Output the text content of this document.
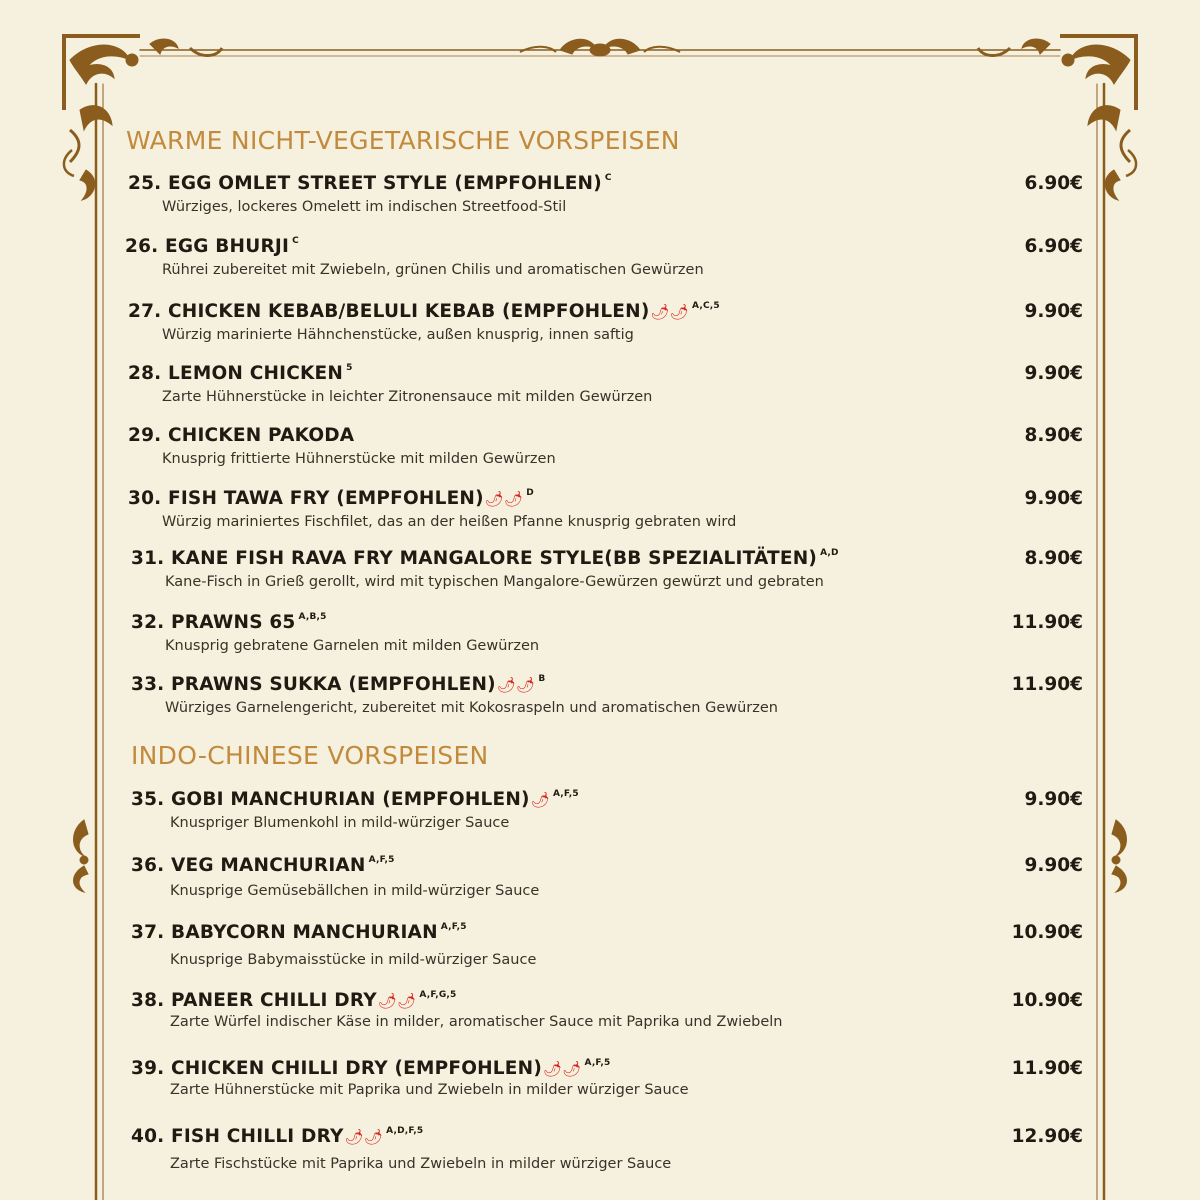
WARME NICHT-VEGETARISCHE VORSPEISEN
25. EGG OMLET STREET STYLE (EMPFOHLEN) $^C$
Würziges, lockeres Omelett im indischen Streetfood-Stil
6.90€
26. EGG BHURJI $^C$
Rührei zubereitet mit Zwiebeln, grünen Chilis und aromatischen Gewürzen
6.90€
27. CHICKEN KEBAB/BELULI KEBAB (EMPFOHLEN)🌶🌶 $^{A,C,5}$
Würzig marinierte Hähnchenstücke, außen knusprig, innen saftig
9.90€
28. LEMON CHICKEN $^5$
Zarte Hühnerstücke in leichter Zitronensauce mit milden Gewürzen
9.90€
29. CHICKEN PAKODA
Knusprig frittierte Hühnerstücke mit milden Gewürzen
8.90€
30. FISH TAWA FRY (EMPFOHLEN)🌶🌶 $^D$
Würzig mariniertes Fischfilet, das an der heißen Pfanne knusprig gebraten wird
9.90€
31. KANE FISH RAVA FRY MANGALORE STYLE(BB SPEZIALITÄTEN) $^{A,D}$
Kane-Fisch in Grieß gerollt, wird mit typischen Mangalore-Gewürzen gewürzt und gebraten
8.90€
32. PRAWNS 65 $^{A,B,5}$
Knusprig gebratene Garnelen mit milden Gewürzen
11.90€
33. PRAWNS SUKKA (EMPFOHLEN)🌶🌶 $^B$
Würziges Garnelengericht, zubereitet mit Kokosraspeln und aromatischen Gewürzen
11.90€
INDO-CHINESE VORSPEISEN
35. GOBI MANCHURIAN (EMPFOHLEN)🌶 $^{A,F,5}$
Knuspriger Blumenkohl in mild-würziger Sauce
9.90€
36. VEG MANCHURIAN $^{A,F,5}$
Knusprige Gemüsebällchen in mild-würziger Sauce
9.90€
37. BABYCORN MANCHURIAN $^{A,F,5}$
Knusprige Babymaisstücke in mild-würziger Sauce
10.90€
38. PANEER CHILLI DRY🌶🌶 $^{A,F,G,5}$
Zarte Würfel indischer Käse in milder, aromatischer Sauce mit Paprika und Zwiebeln
10.90€
39. CHICKEN CHILLI DRY (EMPFOHLEN)🌶🌶 $^{A,F,5}$
Zarte Hühnerstücke mit Paprika und Zwiebeln in milder würziger Sauce
11.90€
40. FISH CHILLI DRY🌶🌶 $^{A,D,F,5}$
Zarte Fischstücke mit Paprika und Zwiebeln in milder würziger Sauce
12.90€
